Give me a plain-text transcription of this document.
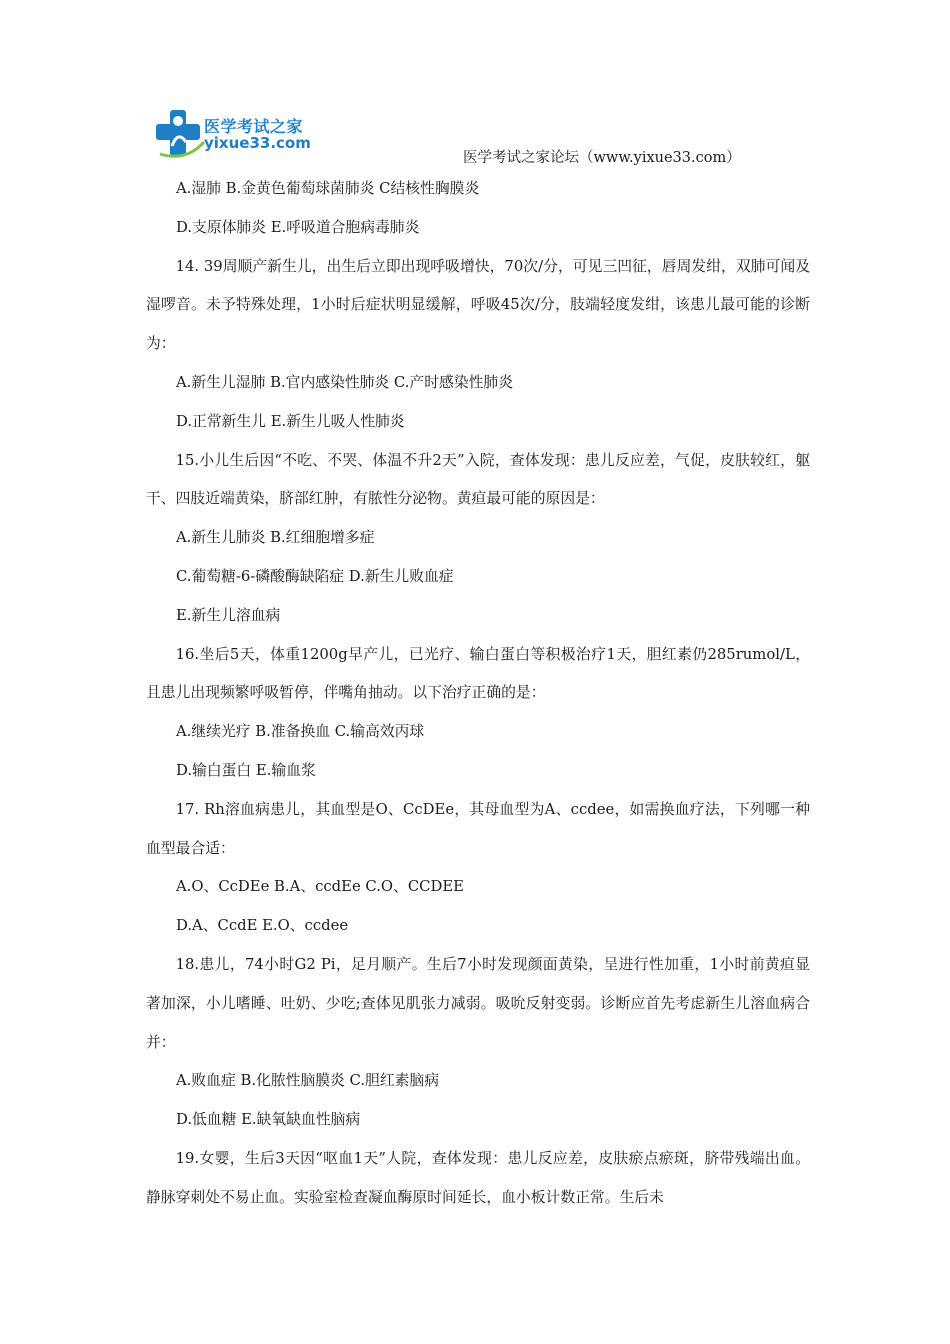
医学考试之家
yixue33.com
医学考试之家论坛（www.yixue33.com）

A.湿肺 B.金黄色葡萄球菌肺炎 C结核性胸膜炎

D.支原体肺炎 E.呼吸道合胞病毒肺炎

14. 39周顺产新生儿，出生后立即出现呼吸增快，70次/分，可见三凹征，唇周发绀，双肺可闻及湿啰音。未予特殊处理，1小时后症状明显缓解，呼吸45次/分，肢端轻度发绀，该患儿最可能的诊断为：

A.新生儿湿肺 B.官内感染性肺炎 C.产时感染性肺炎

D.正常新生儿 E.新生儿吸人性肺炎

15.小儿生后因“不吃、不哭、体温不升2天”入院，查体发现：患儿反应差，气促，皮肤较红，躯干、四肢近端黄染，脐部红肿，有脓性分泌物。黄疸最可能的原因是：

A.新生儿肺炎 B.红细胞增多症

C.葡萄糖-6-磷酸酶缺陷症 D.新生儿败血症

E.新生儿溶血病

16.坐后5天，体重1200g早产儿，已光疗、输白蛋白等积极治疗1天，胆红素仍285rumol/L，且患儿出现频繁呼吸暂停，伴嘴角抽动。以下治疗正确的是：

A.继续光疗 B.准备换血 C.输高效丙球

D.输白蛋白 E.输血浆

17. Rh溶血病患儿，其血型是O、CcDEe，其母血型为A、ccdee，如需换血疗法，下列哪一种血型最合适：

A.O、CcDEe B.A、ccdEe C.O、CCDEE

D.A、CcdE E.O、ccdee

18.患儿，74小时G2 Pi，足月顺产。生后7小时发现颜面黄染，呈进行性加重，1小时前黄疸显著加深，小儿嗜睡、吐奶、少吃;查体见肌张力减弱。吸吮反射变弱。诊断应首先考虑新生儿溶血病合并：

A.败血症 B.化脓性脑膜炎 C.胆红素脑病

D.低血糖 E.缺氧缺血性脑病

19.女婴，生后3天因“呕血1天”人院，查体发现：患儿反应差，皮肤瘀点瘀斑，脐带残端出血。静脉穿刺处不易止血。实验室检查凝血酶原时间延长，血小板计数正常。生后未
